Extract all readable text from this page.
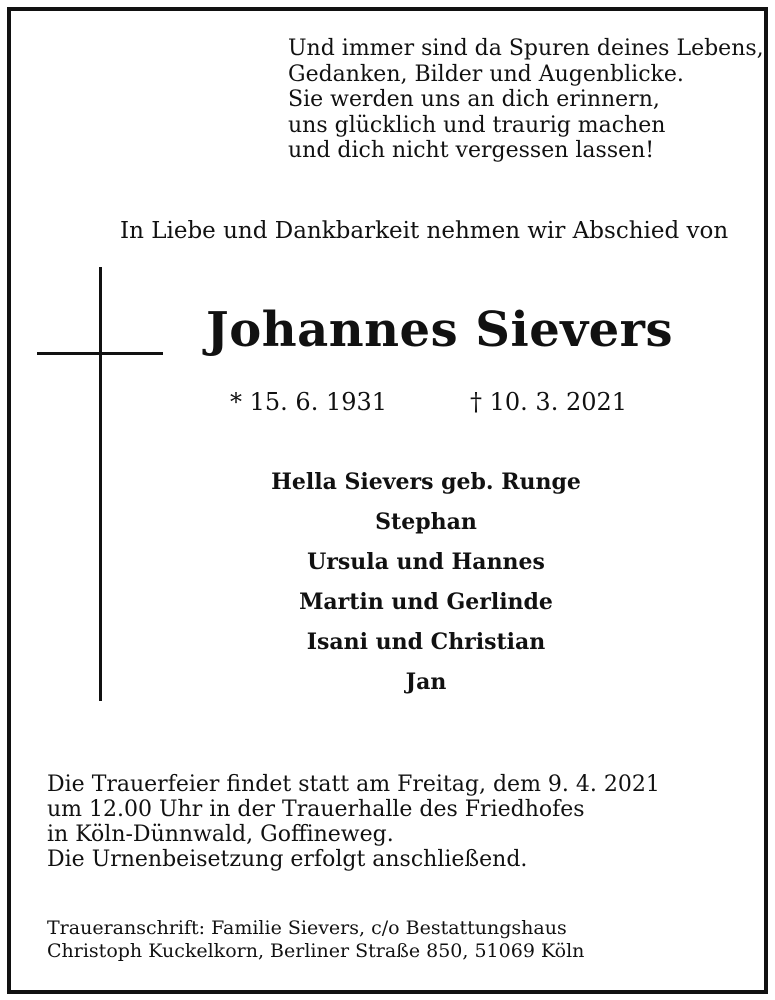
Und immer sind da Spuren deines Lebens,
Gedanken, Bilder und Augenblicke.
Sie werden uns an dich erinnern,
uns glücklich und traurig machen
und dich nicht vergessen lassen!
In Liebe und Dankbarkeit nehmen wir Abschied von
Johannes Sievers
* 15. 6. 1931	† 10. 3. 2021
Hella Sievers geb. Runge
Stephan
Ursula und Hannes
Martin und Gerlinde
Isani und Christian
Jan
Die Trauerfeier findet statt am Freitag, dem 9. 4. 2021
um 12.00 Uhr in der Trauerhalle des Friedhofes
in Köln-Dünnwald, Goffineweg.
Die Urnenbeisetzung erfolgt anschließend.
Traueranschrift: Familie Sievers, c/o Bestattungshaus
Christoph Kuckelkorn, Berliner Straße 850, 51069 Köln
